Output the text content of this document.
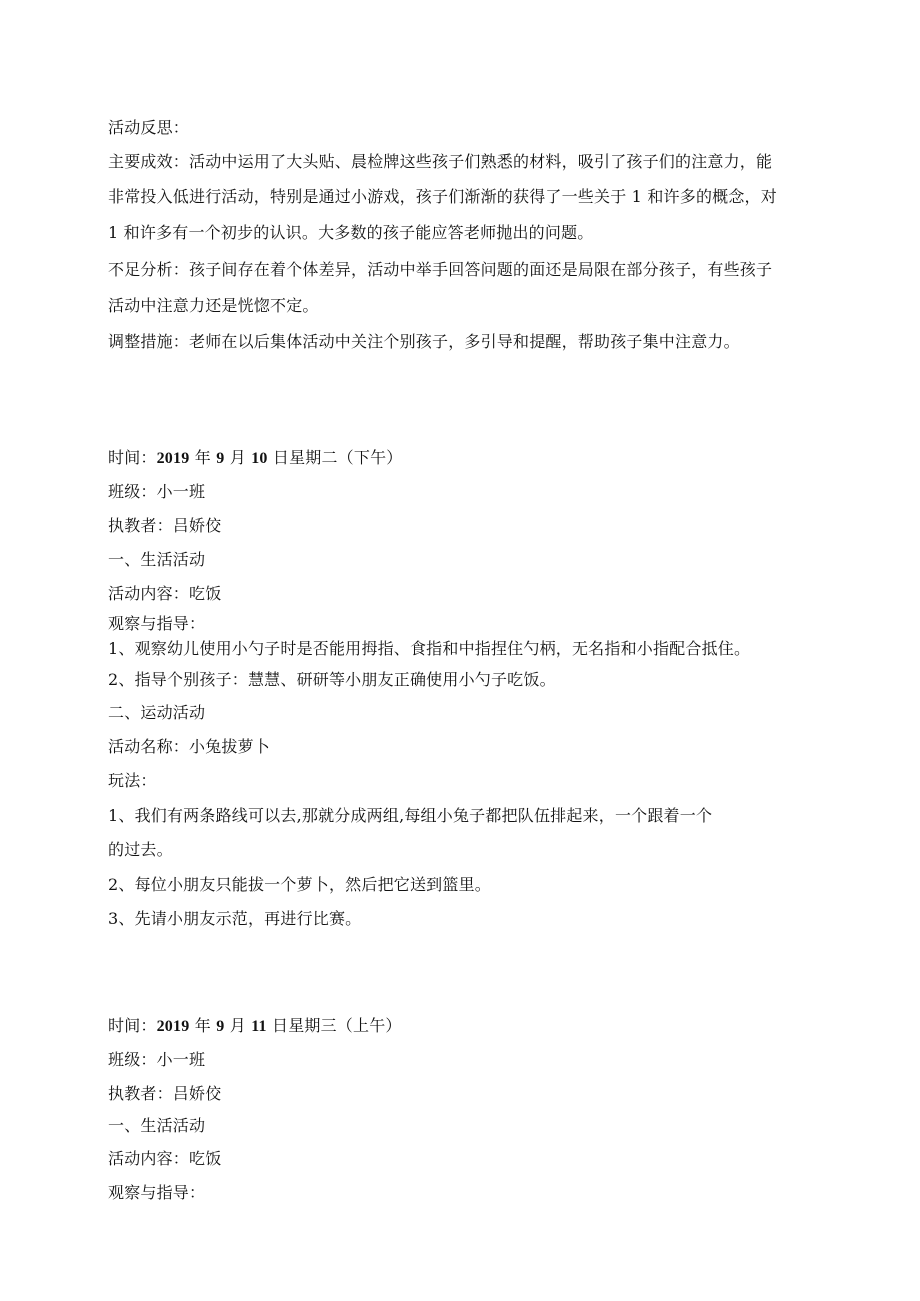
活动反思：
主要成效：活动中运用了大头贴、晨检牌这些孩子们熟悉的材料，吸引了孩子们的注意力，能
非常投入低进行活动，特别是通过小游戏，孩子们渐渐的获得了一些关于 1 和许多的概念，对
1 和许多有一个初步的认识。大多数的孩子能应答老师抛出的问题。
不足分析：孩子间存在着个体差异，活动中举手回答问题的面还是局限在部分孩子，有些孩子
活动中注意力还是恍惚不定。
调整措施：老师在以后集体活动中关注个别孩子，多引导和提醒，帮助孩子集中注意力。
时间：2019 年 9 月 10 日星期二（下午）
班级：小一班
执教者：吕娇佼
一、生活活动
活动内容：吃饭
观察与指导：
1、观察幼儿使用小勺子时是否能用拇指、食指和中指捏住勺柄，无名指和小指配合抵住。
2、指导个别孩子：慧慧、研研等小朋友正确使用小勺子吃饭。
二、运动活动
活动名称：小兔拔萝卜
玩法：
1、我们有两条路线可以去,那就分成两组,每组小兔子都把队伍排起来，一个跟着一个
的过去。
2、每位小朋友只能拔一个萝卜，然后把它送到篮里。
3、先请小朋友示范，再进行比赛。
时间：2019 年 9 月 11 日星期三（上午）
班级：小一班
执教者：吕娇佼
一、生活活动
活动内容：吃饭
观察与指导：
